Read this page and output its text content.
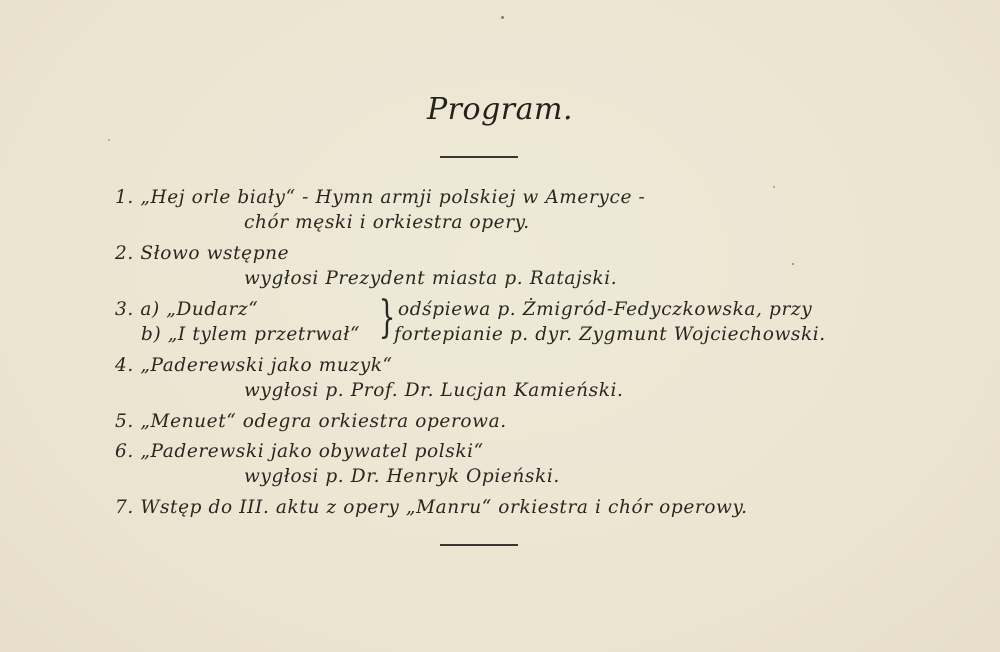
Program.
1. „Hej orle biały“ - Hymn armji polskiej w Ameryce -
chór męski i orkiestra opery.
2. Słowo wstępne
wygłosi Prezydent miasta p. Ratajski.
3. a) „Dudarz“
b) „I tylem przetrwał“ } odśpiewa p. Żmigród-Fedyczkowska, przy
fortepianie p. dyr. Zygmunt Wojciechowski.
4. „Paderewski jako muzyk“
wygłosi p. Prof. Dr. Lucjan Kamieński.
5. „Menuet“ odegra orkiestra operowa.
6. „Paderewski jako obywatel polski“
wygłosi p. Dr. Henryk Opieński.
7. Wstęp do III. aktu z opery „Manru“ orkiestra i chór operowy.
